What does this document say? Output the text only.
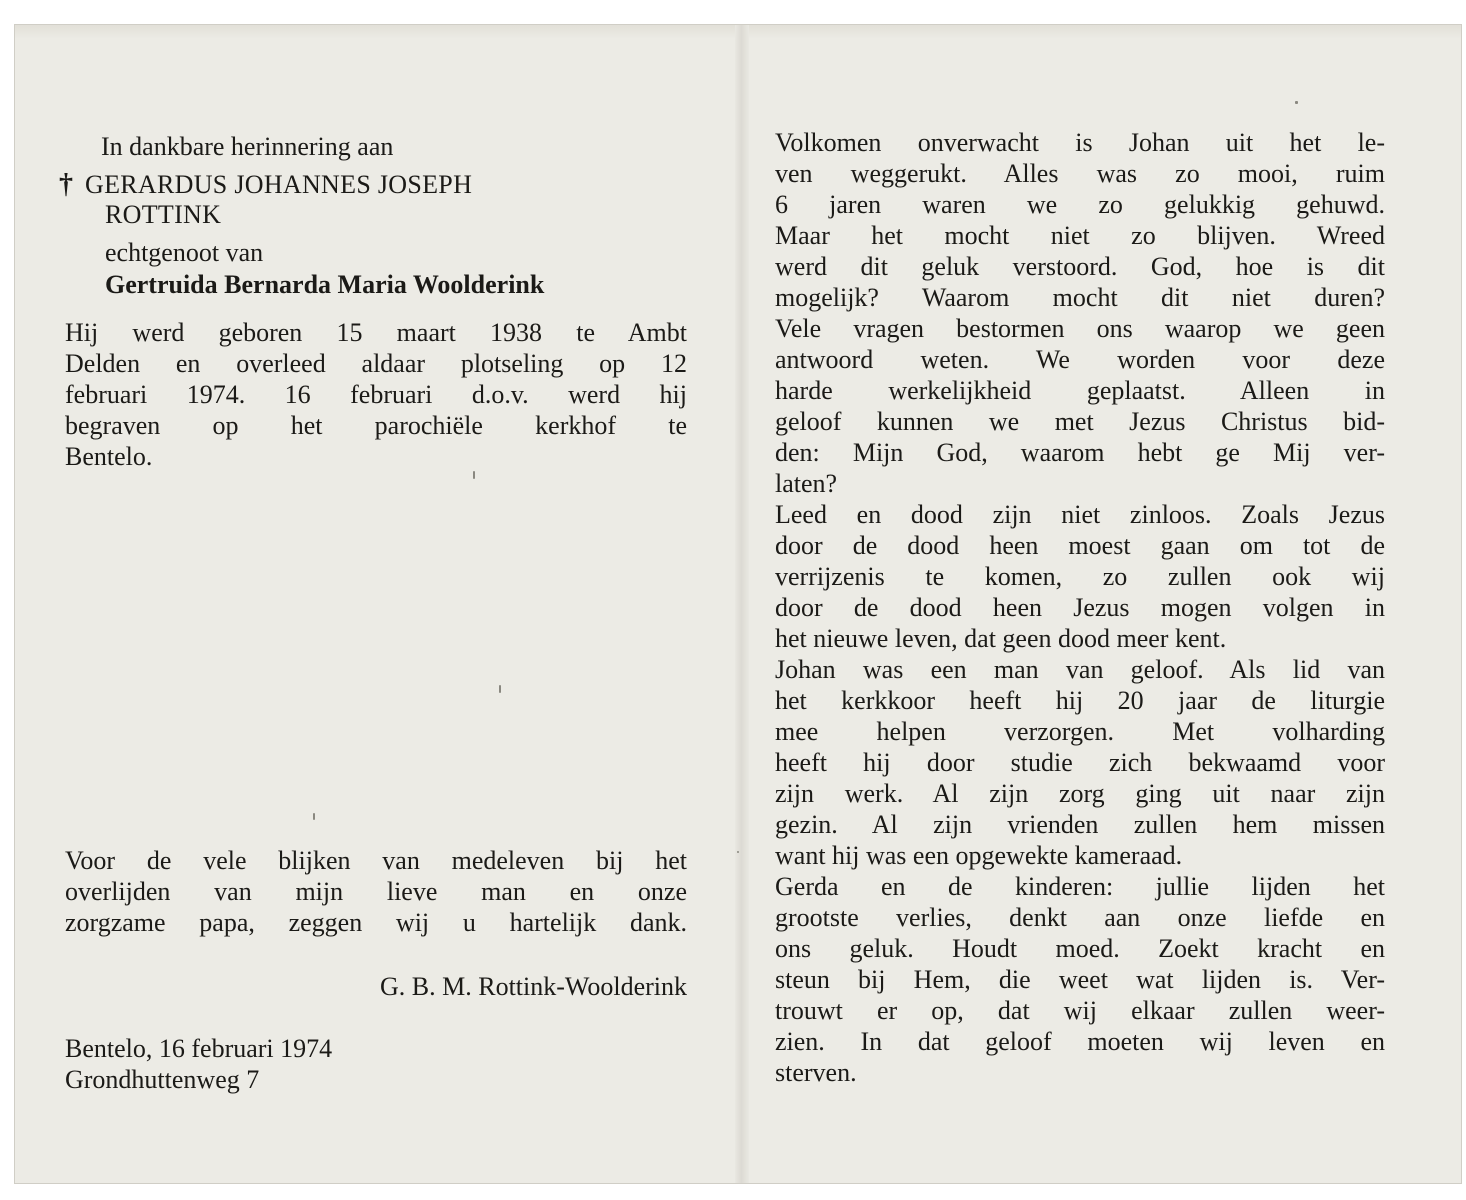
In dankbare herinnering aan
† GERARDUS JOHANNES JOSEPH
ROTTINK
echtgenoot van
Gertruida Bernarda Maria Woolderink
Hij werd geboren 15 maart 1938 te Ambt
Delden en overleed aldaar plotseling op 12
februari 1974. 16 februari d.o.v. werd hij
begraven op het parochiële kerkhof te
Bentelo.
Voor de vele blijken van medeleven bij het
overlijden van mijn lieve man en onze
zorgzame papa, zeggen wij u hartelijk dank.
G. B. M. Rottink-Woolderink
Bentelo, 16 februari 1974
Grondhuttenweg 7
Volkomen onverwacht is Johan uit het le-
ven weggerukt. Alles was zo mooi, ruim
6 jaren waren we zo gelukkig gehuwd.
Maar het mocht niet zo blijven. Wreed
werd dit geluk verstoord. God, hoe is dit
mogelijk? Waarom mocht dit niet duren?
Vele vragen bestormen ons waarop we geen
antwoord weten. We worden voor deze
harde werkelijkheid geplaatst. Alleen in
geloof kunnen we met Jezus Christus bid-
den: Mijn God, waarom hebt ge Mij ver-
laten?
Leed en dood zijn niet zinloos. Zoals Jezus
door de dood heen moest gaan om tot de
verrijzenis te komen, zo zullen ook wij
door de dood heen Jezus mogen volgen in
het nieuwe leven, dat geen dood meer kent.
Johan was een man van geloof. Als lid van
het kerkkoor heeft hij 20 jaar de liturgie
mee helpen verzorgen. Met volharding
heeft hij door studie zich bekwaamd voor
zijn werk. Al zijn zorg ging uit naar zijn
gezin. Al zijn vrienden zullen hem missen
want hij was een opgewekte kameraad.
Gerda en de kinderen: jullie lijden het
grootste verlies, denkt aan onze liefde en
ons geluk. Houdt moed. Zoekt kracht en
steun bij Hem, die weet wat lijden is. Ver-
trouwt er op, dat wij elkaar zullen weer-
zien. In dat geloof moeten wij leven en
sterven.
